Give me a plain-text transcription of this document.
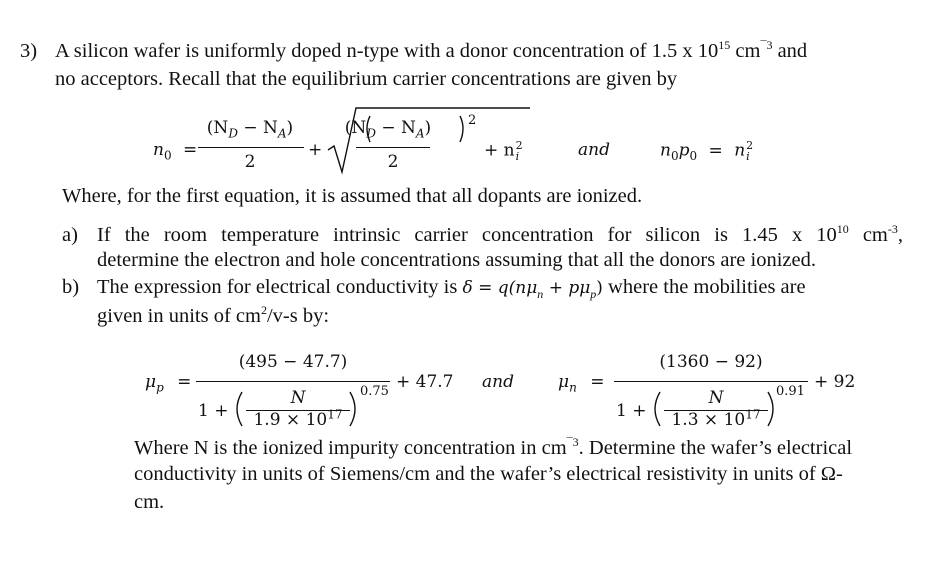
3) A silicon wafer is uniformly doped n-type with a donor concentration of 1.5 x $10^{15}$ $cm^{¯3}$ and
no acceptors. Recall that the equilibrium carrier concentrations are given by
$n_0$ =
$(N_D - N_A)$
2
+
$(N_D - N_A)$
2
2
+ n 2
i	and	$n_0p_0 = n$ 2
i
Where, for the first equation, it is assumed that all dopants are ionized.
a) If the room temperature intrinsic carrier concentration for silicon is 1.45 x $10^{10}$ $cm^{-3}$,
determine the electron and hole concentrations assuming that all the donors are ionized.
b) The expression for electrical conductivity is $\delta = q(n\mu_n + p\mu_p)$ where the mobilities are
given in units of $cm^2/v-s$ by:
$\mu_p$ =
(495 − 47.7)
1 +
N
$1.9 \times 10^{17}$
0.75 + 47.7 and	$\mu_n$ =
(1360 − 92)
1 +
N
$1.3 \times 10^{17}$
0.91 + 92
Where N is the ionized impurity concentration in $cm^{¯3}$. Determine the wafer’s electrical
conductivity in units of Siemens/cm and the wafer’s electrical resistivity in units of Ω-
cm.
